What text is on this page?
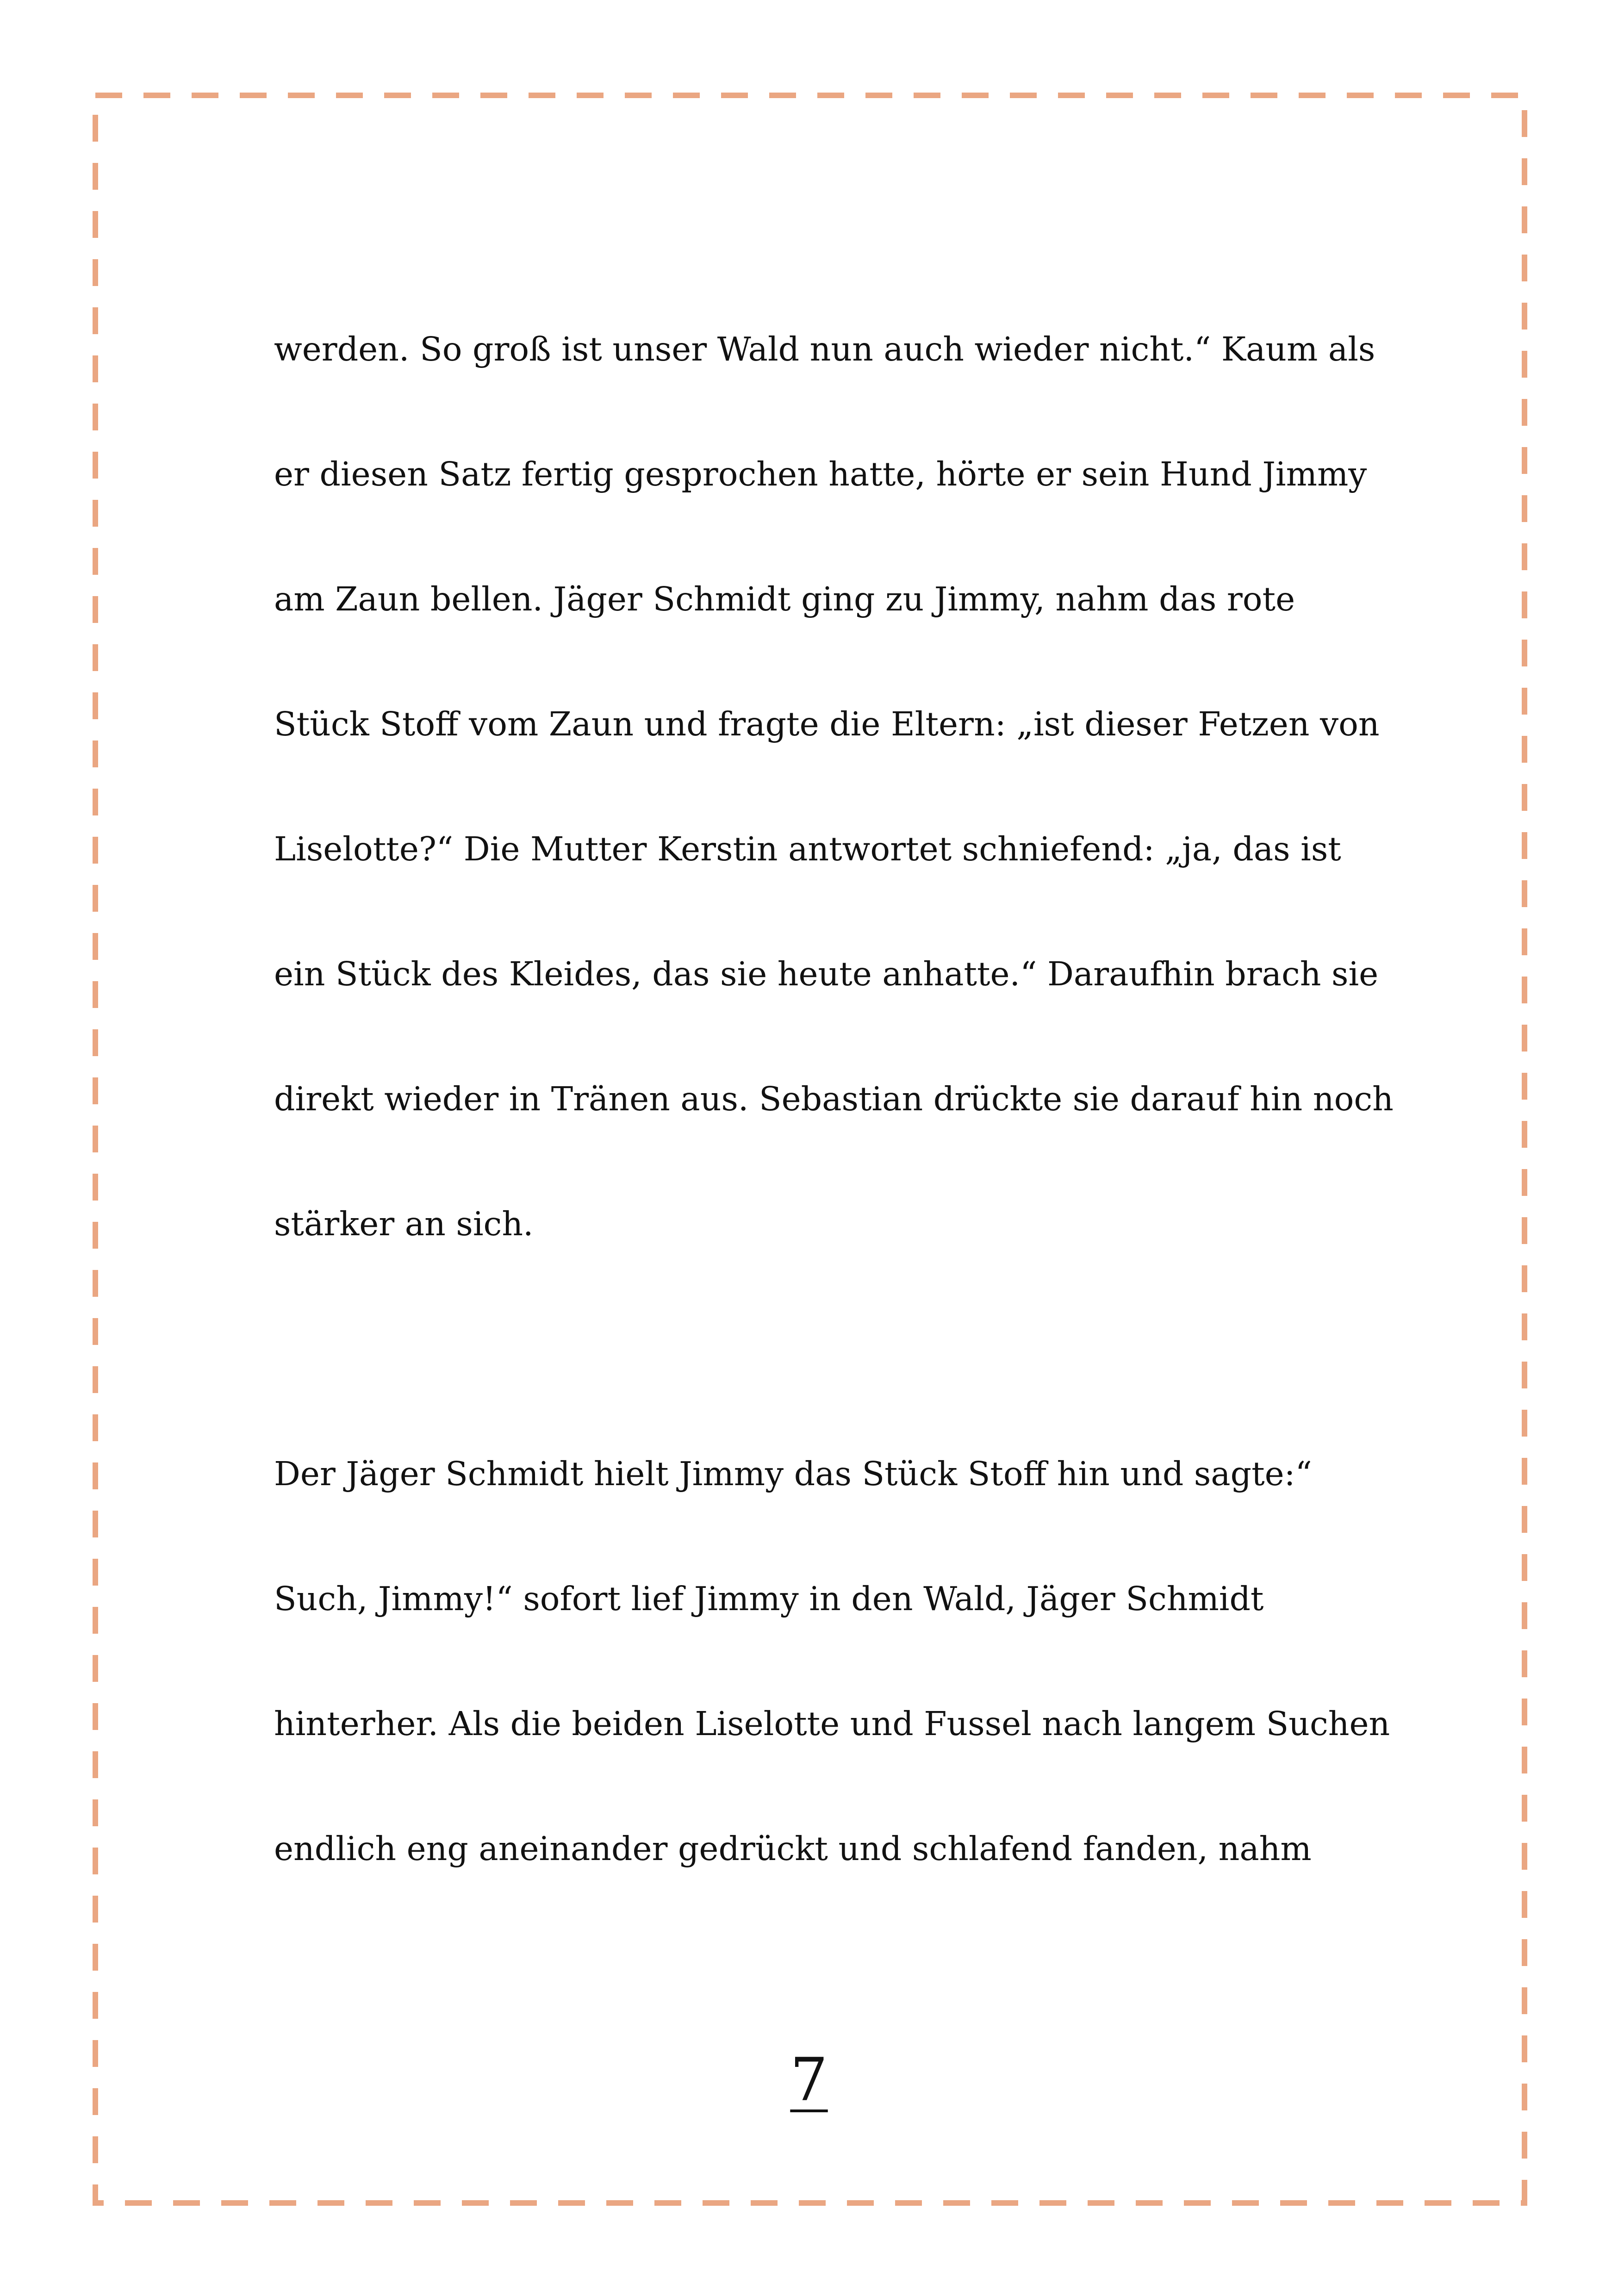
werden. So groß ist unser Wald nun auch wieder nicht.“ Kaum als
er diesen Satz fertig gesprochen hatte, hörte er sein Hund Jimmy
am Zaun bellen. Jäger Schmidt ging zu Jimmy, nahm das rote
Stück Stoff vom Zaun und fragte die Eltern: „ist dieser Fetzen von
Liselotte?“ Die Mutter Kerstin antwortet schniefend: „ja, das ist
ein Stück des Kleides, das sie heute anhatte.“ Daraufhin brach sie
direkt wieder in Tränen aus. Sebastian drückte sie darauf hin noch
stärker an sich.
Der Jäger Schmidt hielt Jimmy das Stück Stoff hin und sagte:“
Such, Jimmy!“ sofort lief Jimmy in den Wald, Jäger Schmidt
hinterher. Als die beiden Liselotte und Fussel nach langem Suchen
endlich eng aneinander gedrückt und schlafend fanden, nahm
7
